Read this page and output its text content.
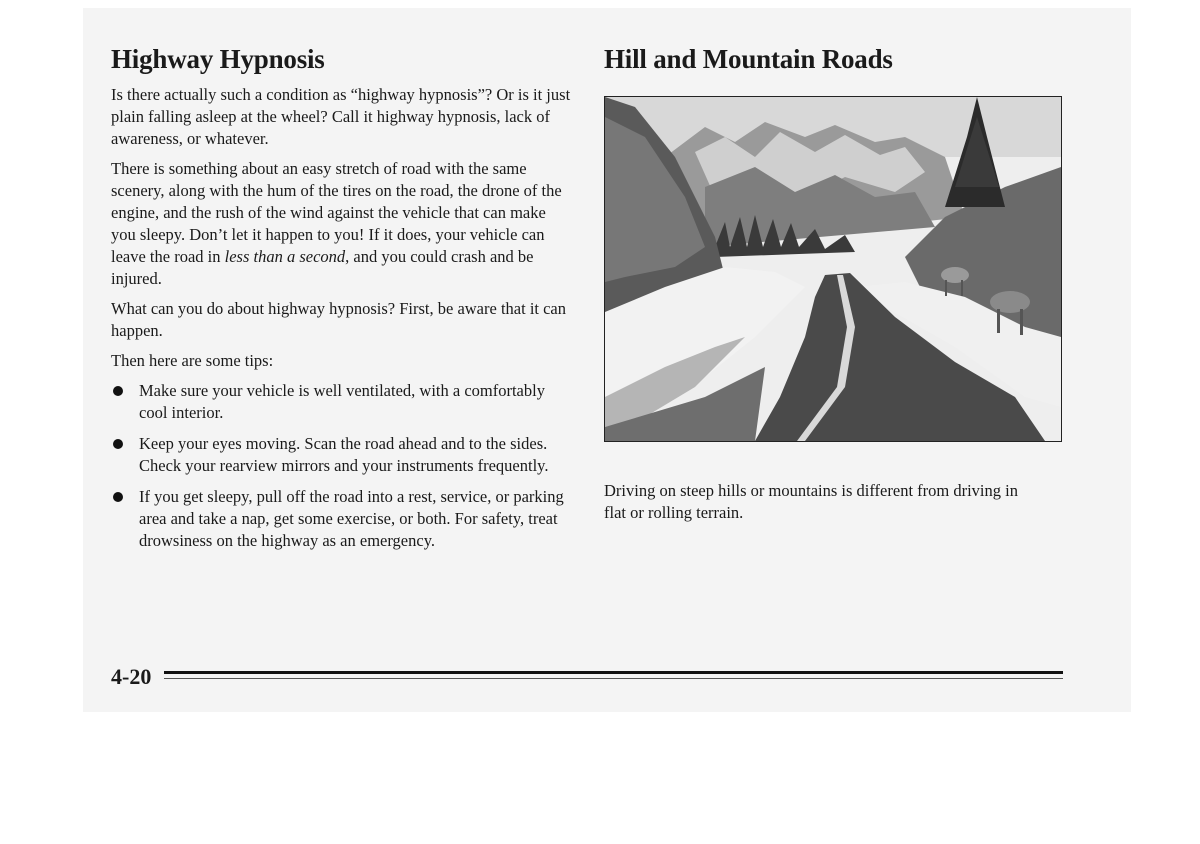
Highway Hypnosis

Is there actually such a condition as “highway hypnosis”? Or is it just plain falling asleep at the wheel? Call it highway hypnosis, lack of awareness, or whatever.

There is something about an easy stretch of road with the same scenery, along with the hum of the tires on the road, the drone of the engine, and the rush of the wind against the vehicle that can make you sleepy. Don’t let it happen to you! If it does, your vehicle can leave the road in less than a second, and you could crash and be injured.

What can you do about highway hypnosis? First, be aware that it can happen.

Then here are some tips:

Make sure your vehicle is well ventilated, with a comfortably cool interior.
Keep your eyes moving. Scan the road ahead and to the sides. Check your rearview mirrors and your instruments frequently.
If you get sleepy, pull off the road into a rest, service, or parking area and take a nap, get some exercise, or both. For safety, treat drowsiness on the highway as an emergency.
Hill and Mountain Roads

Driving on steep hills or mountains is different from driving in flat or rolling terrain.

4-20
